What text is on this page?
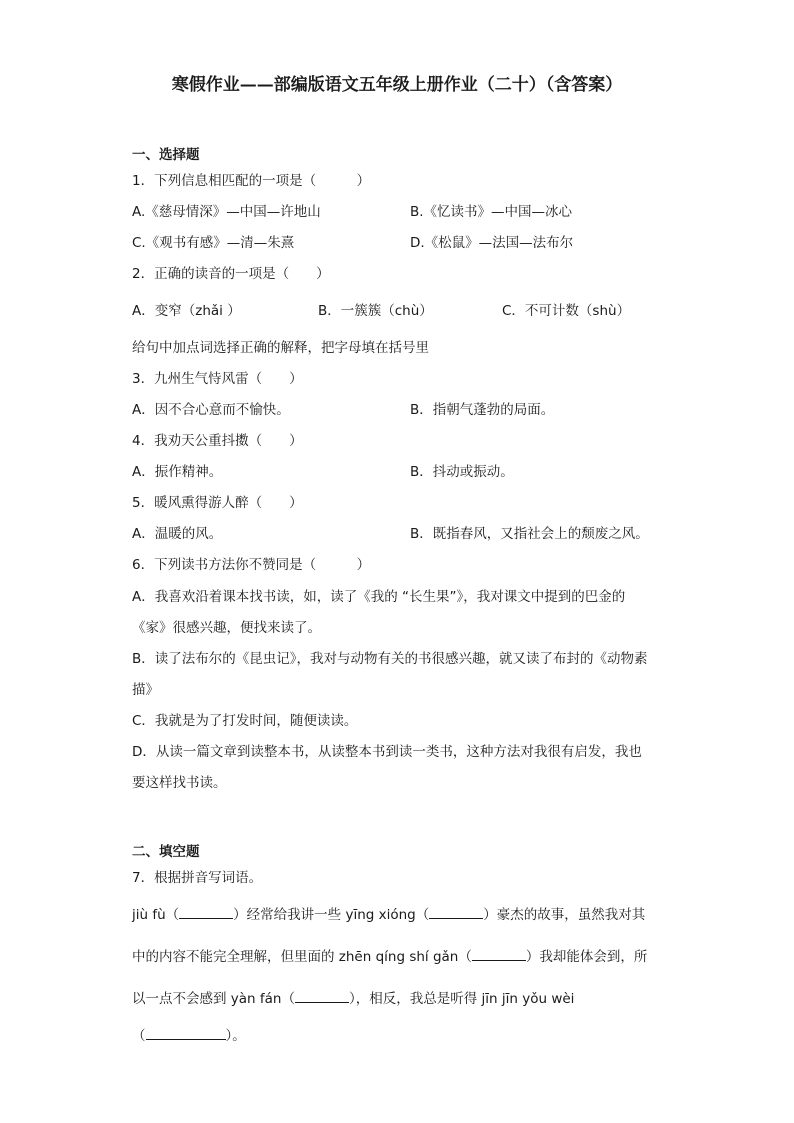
寒假作业——部编版语文五年级上册作业（二十）（含答案）
一、选择题
1．下列信息相匹配的一项是（　　　）
A.《慈母情深》—中国—许地山	B.《忆读书》—中国—冰心
C.《观书有感》—清—朱熹	D.《松鼠》—法国—法布尔
2．正确的读音的一项是（　　）
A．变窄（zhǎi ）	B．一簇簇（chù）	C．不可计数（shù）
给句中加点词选择正确的解释，把字母填在括号里
3．九州生气恃风雷（　　）
A．因不合心意而不愉快。	B．指朝气蓬勃的局面。
4．我劝天公重抖擞（　　）
A．振作精神。	B．抖动或振动。
5．暖风熏得游人醉（　　）
A．温暖的风。	B．既指春风，又指社会上的颓废之风。
6．下列读书方法你不赞同是（　　　）
A．我喜欢沿着课本找书读，如，读了《我的 “长生果”》，我对课文中提到的巴金的
《家》很感兴趣，便找来读了。
B．读了法布尔的《昆虫记》，我对与动物有关的书很感兴趣，就又读了布封的《动物素
描》
C．我就是为了打发时间，随便读读。
D．从读一篇文章到读整本书，从读整本书到读一类书，这种方法对我很有启发，我也
要这样找书读。
二、填空题
7．根据拼音写词语。
jiù fù（	）经常给我讲一些 yīng xióng（	）豪杰的故事，虽然我对其
中的内容不能完全理解，但里面的 zhēn qíng shí gǎn（	）我却能体会到，所
以一点不会感到 yàn fán（	），相反，我总是听得 jīn jīn yǒu wèi
（	）。
